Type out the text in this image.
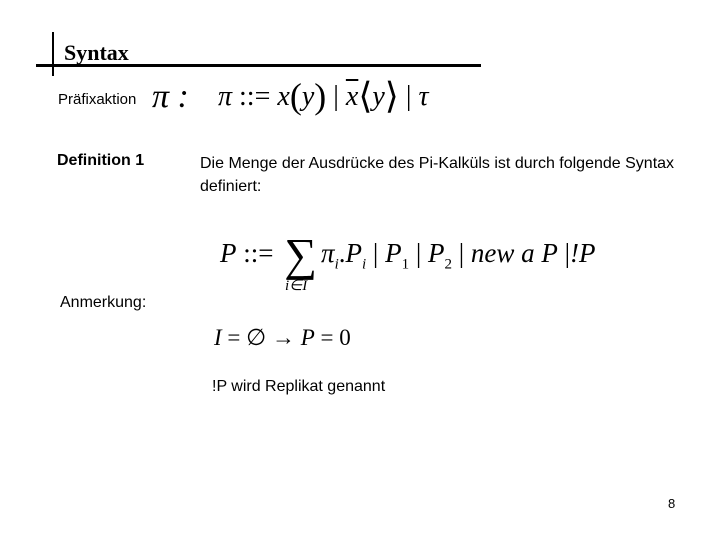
Syntax
Präfixaktion π : π ::= x(y) | $\overline{x}⟨y⟩$ | τ
Definition 1	Die Menge der Ausdrücke des Pi-Kalküls ist durch folgende Syntax definiert:
P ::= ∑ $\pi_i.P_i$ | $P_1$ | $P_2$ | new a P |!P
i∈I
Anmerkung:
I = ∅ → P = 0
!P wird Replikat genannt
8
